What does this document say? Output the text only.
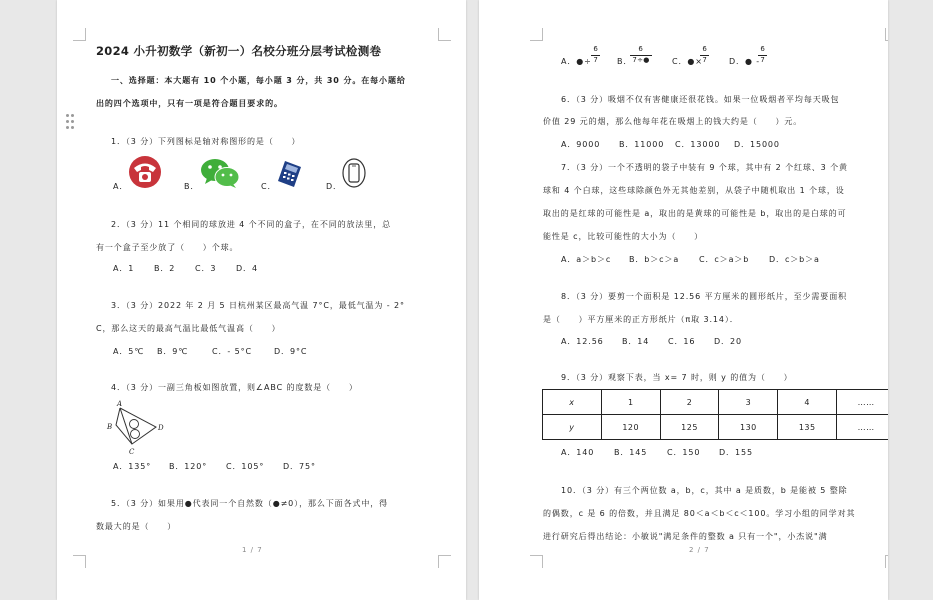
2024 小升初数学（新初一）名校分班分层考试检测卷
一、选择题：本大题有 10 个小题，每小题 3 分，共 30 分。在每小题给
出的四个选项中，只有一项是符合题目要求的。
1．（3 分）下列图标是轴对称图形的是（　　）
A．	B．	C．	D．
2．（3 分）11 个相同的球放进 4 个不同的盒子，在不同的放法里，总
有一个盒子至少放了（　　）个球。
A．1 B．2 C．3 D．4
3．（3 分）2022 年 2 月 5 日杭州某区最高气温 7°C，最低气温为 - 2°
C，那么这天的最高气温比最低气温高（　　）
A．5℃ B．9℃	C．- 5°C	D．9°C
4．（3 分）一副三角板如图放置，则∠ABC 的度数是（　　）
A
B	D
C
A．135° B．120° C．105° D．75°
5．（3 分）如果用●代表同一个自然数（●≠0），那么下面各式中，得
数最大的是（　　）
1 / 7
A．●÷
6
7 B．
6
7÷●	C．●×
6
7	D．● -
6
7
6．（3 分）吸烟不仅有害健康还很花钱。如果一位吸烟者平均每天吸包
价值 29 元的烟，那么他每年花在吸烟上的钱大约是（　　）元。
A．9000 B．11000 C．13000 D．15000
7．（3 分）一个不透明的袋子中装有 9 个球，其中有 2 个红球、3 个黄
球和 4 个白球，这些球除颜色外无其他差别，从袋子中随机取出 1 个球，设
取出的是红球的可能性是 a，取出的是黄球的可能性是 b，取出的是白球的可
能性是 c，比较可能性的大小为（　　）
A．a＞b＞c B．b＞c＞a C．c＞a＞b D．c＞b＞a
8．（3 分）要剪一个面积是 12.56 平方厘米的圆形纸片，至少需要面积
是（　　）平方厘米的正方形纸片（π取 3.14）．
A．12.56 B．14 C．16 D．20
9．（3 分）观察下表，当 x= 7 时，则 y 的值为（　　）
x	1	2	3	4	……
y	120	125	130	135	……
A．140 B．145 C．150 D．155
10．（3 分）有三个两位数 a，b，c，其中 a 是质数，b 是能被 5 整除
的偶数，c 是 6 的倍数，并且满足 80＜a＜b＜c＜100。学习小组的同学对其
进行研究后得出结论：小敏说"满足条件的整数 a 只有一个"，小杰说"满
2 / 7
